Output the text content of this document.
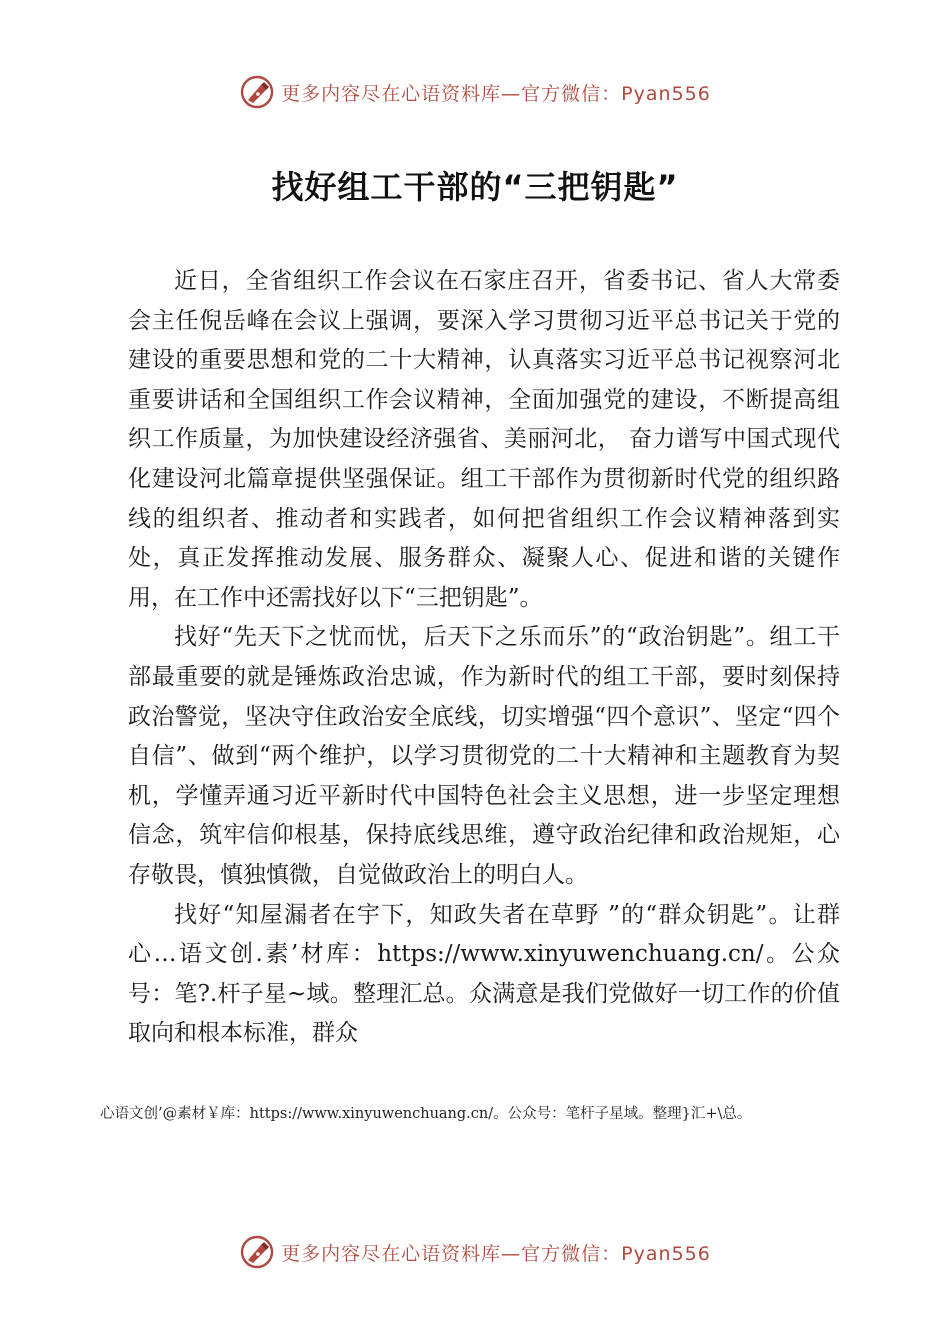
更多内容尽在心语资料库—官方微信：Pyan556
找好组工干部的“三把钥匙”

近日，全省组织工作会议在石家庄召开，省委书记、省人大常委会主任倪岳峰在会议上强调，要深入学习贯彻习近平总书记关于党的建设的重要思想和党的二十大精神，认真落实习近平总书记视察河北重要讲话和全国组织工作会议精神，全面加强党的建设，不断提高组织工作质量，为加快建设经济强省、美丽河北， 奋力谱写中国式现代化建设河北篇章提供坚强保证。组工干部作为贯彻新时代党的组织路线的组织者、推动者和实践者，如何把省组织工作会议精神落到实处，真正发挥推动发展、服务群众、凝聚人心、促进和谐的关键作用，在工作中还需找好以下“三把钥匙”。

找好“先天下之忧而忧，后天下之乐而乐”的“政治钥匙”。组工干部最重要的就是锤炼政治忠诚，作为新时代的组工干部，要时刻保持政治警觉，坚决守住政治安全底线，切实增强“四个意识”、坚定“四个自信”、做到“两个维护，以学习贯彻党的二十大精神和主题教育为契机，学懂弄通习近平新时代中国特色社会主义思想，进一步坚定理想信念，筑牢信仰根基，保持底线思维，遵守政治纪律和政治规矩，心存敬畏，慎独慎微，自觉做政治上的明白人。

找好“知屋漏者在宇下，知政失者在草野 ”的“群众钥匙”。让群心…语文创.素’材库：https://www.xinyuwenchuang.cn/。公众号：笔?.杆子星~域。整理汇总。众满意是我们党做好一切工作的价值取向和根本标准，群众

心语文创’@素材￥库：https://www.xinyuwenchuang.cn/。公众号：笔杆子星域。整理}汇+\总。
更多内容尽在心语资料库—官方微信：Pyan556
